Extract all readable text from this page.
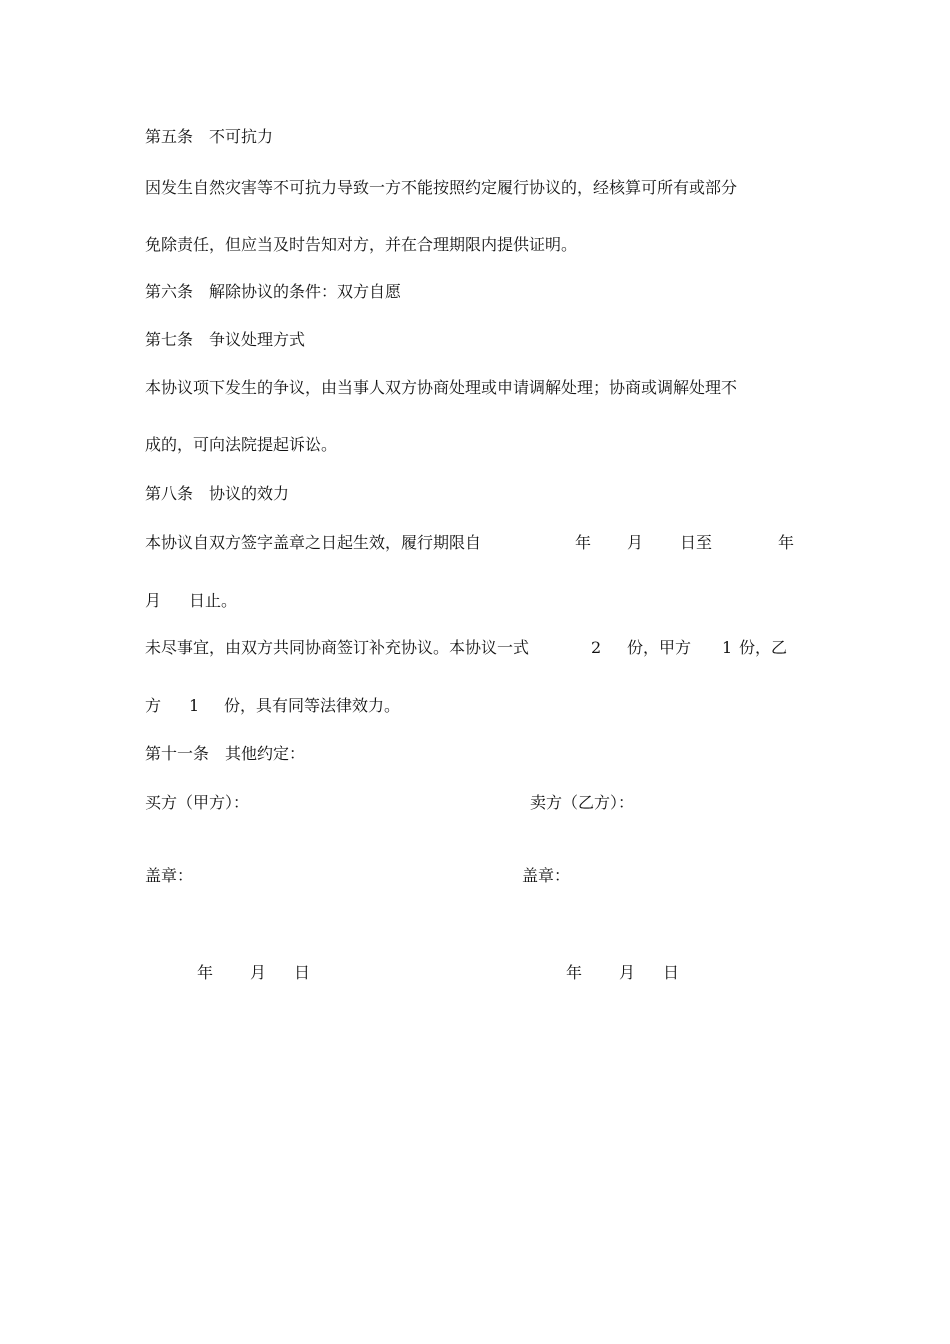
第五条　不可抗力
因发生自然灾害等不可抗力导致一方不能按照约定履行协议的，经核算可所有或部分
免除责任，但应当及时告知对方，并在合理期限内提供证明。
第六条　解除协议的条件：双方自愿
第七条　争议处理方式
本协议项下发生的争议，由当事人双方协商处理或申请调解处理；协商或调解处理不
成的，可向法院提起诉讼。
第八条　协议的效力
本协议自双方签字盖章之日起生效，履行期限自	年 月 日至	年
月 日止。
未尽事宜，由双方共同协商签订补充协议。本协议一式	2 份，甲方 1 份，乙
方 1 份，具有同等法律效力。
第十一条　其他约定：
买方（甲方）：	卖方（乙方）：
盖章：	盖章：
年 月 日	年 月 日
